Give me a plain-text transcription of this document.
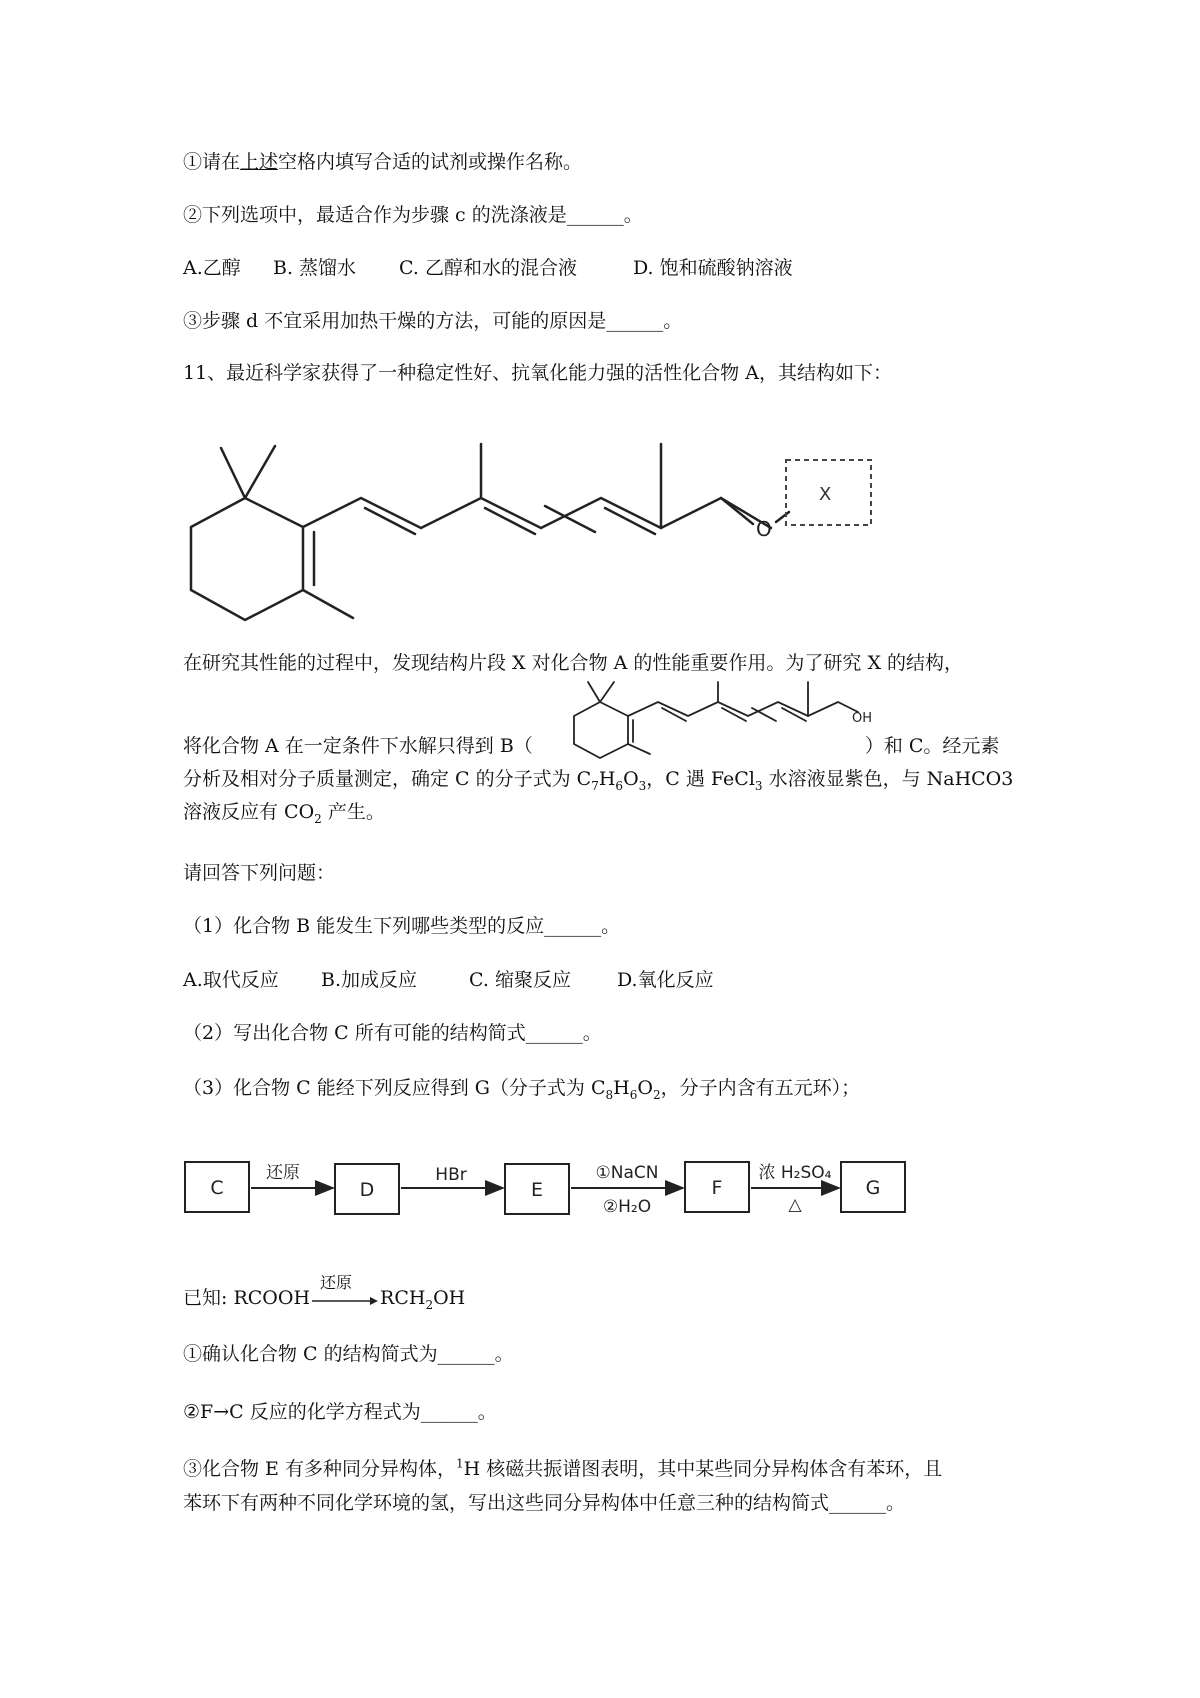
①请在上述空格内填写合适的试剂或操作名称。
②下列选项中，最适合作为步骤 c 的洗涤液是______。
A.乙醇 B. 蒸馏水 C. 乙醇和水的混合液	D. 饱和硫酸钠溶液
③步骤 d 不宜采用加热干燥的方法，可能的原因是______。
11、最近科学家获得了一种稳定性好、抗氧化能力强的活性化合物 A，其结构如下：
O
X
在研究其性能的过程中，发现结构片段 X 对化合物 A 的性能重要作用。为了研究 X 的结构，
OH
将化合物 A 在一定条件下水解只得到 B（	）和 C。经元素
分析及相对分子质量测定，确定 C 的分子式为 $C_7H_6O_3$，C 遇 FeCl$_3$ 水溶液显紫色，与 NaHCO3
溶液反应有 $CO_2$ 产生。
请回答下列问题：
（1）化合物 B 能发生下列哪些类型的反应______。
A.取代反应 B.加成反应	C. 缩聚反应 D.氧化反应
（2）写出化合物 C 所有可能的结构简式______。
（3）化合物 C 能经下列反应得到 G（分子式为 $C_8H_6O_2$，分子内含有五元环）；
C	D	E	F	G
还原	HBr	①NaCN
②H₂O
浓 H₂SO₄
△
已知: RCOOH
还原
$RCH_2OH$
①确认化合物 C 的结构简式为______。
②F→C 反应的化学方程式为______。
③化合物 E 有多种同分异构体，$^1$H 核磁共振谱图表明，其中某些同分异构体含有苯环，且
苯环下有两种不同化学环境的氢，写出这些同分异构体中任意三种的结构简式______。
